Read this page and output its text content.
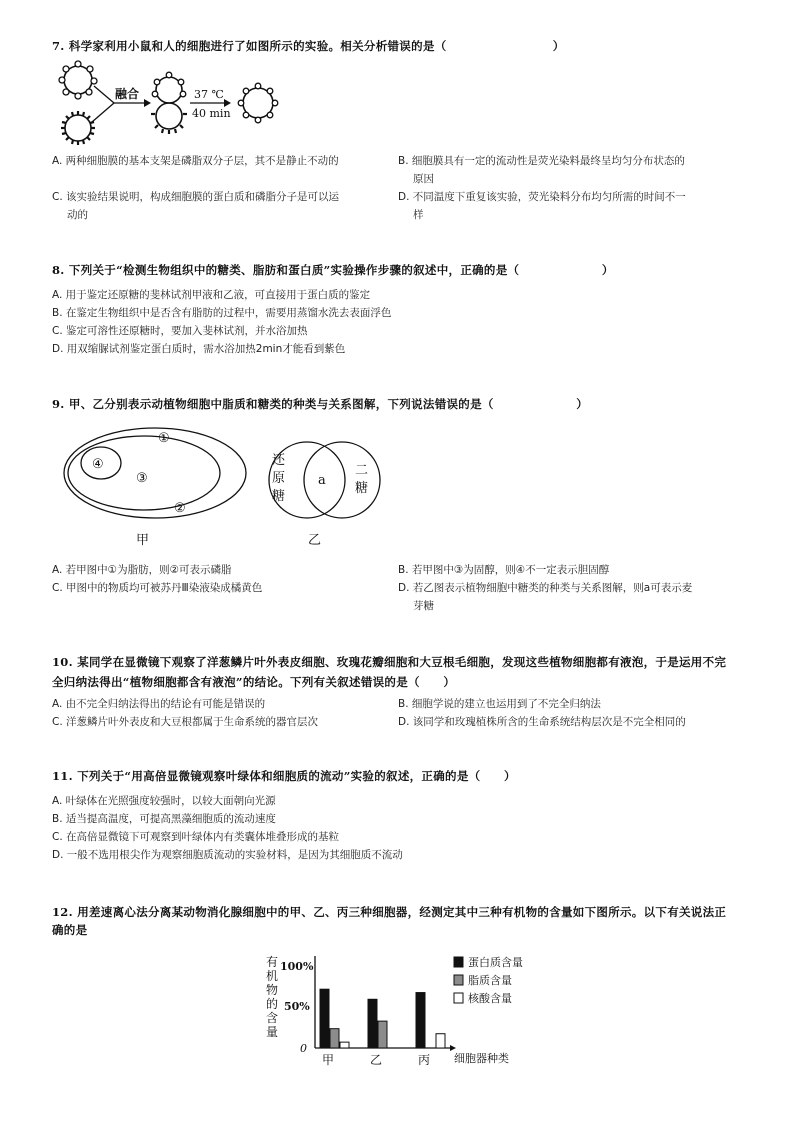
7. 科学家利用小鼠和人的细胞进行了如图所示的实验。相关分析错误的是（　　　　　　　　　）
融合	37 ℃
40 min
A. 两种细胞膜的基本支架是磷脂双分子层，其不是静止不动的	B. 细胞膜具有一定的流动性是荧光染料最终呈均匀分布状态的
原因
C. 该实验结果说明，构成细胞膜的蛋白质和磷脂分子是可以运
动的
D. 不同温度下重复该实验，荧光染料分布均匀所需的时间不一
样
8. 下列关于“检测生物组织中的糖类、脂肪和蛋白质”实验操作步骤的叙述中，正确的是（　　　　　　　）
A. 用于鉴定还原糖的斐林试剂甲液和乙液，可直接用于蛋白质的鉴定
B. 在鉴定生物组织中是否含有脂肪的过程中，需要用蒸馏水洗去表面浮色
C. 鉴定可溶性还原糖时，要加入斐林试剂，并水浴加热
D. 用双缩脲试剂鉴定蛋白质时，需水浴加热2min才能看到紫色
9. 甲、乙分别表示动植物细胞中脂质和糖类的种类与关系图解，下列说法错误的是（　　　　　　　）
①
④
③
②
甲
还
原
糖
a
二
糖
乙
A. 若甲图中①为脂肪，则②可表示磷脂	B. 若甲图中③为固醇，则④不一定表示胆固醇
C. 甲图中的物质均可被苏丹Ⅲ染液染成橘黄色	D. 若乙图表示植物细胞中糖类的种类与关系图解，则a可表示麦
芽糖
10. 某同学在显微镜下观察了洋葱鳞片叶外表皮细胞、玫瑰花瓣细胞和大豆根毛细胞，发现这些植物细胞都有液泡，于是运用不完
全归纳法得出“植物细胞都含有液泡”的结论。下列有关叙述错误的是（　　）
A. 由不完全归纳法得出的结论有可能是错误的	B. 细胞学说的建立也运用到了不完全归纳法
C. 洋葱鳞片叶外表皮和大豆根都属于生命系统的器官层次	D. 该同学和玫瑰植株所含的生命系统结构层次是不完全相同的
11. 下列关于“用高倍显微镜观察叶绿体和细胞质的流动”实验的叙述，正确的是（　　）
A. 叶绿体在光照强度较强时，以较大面朝向光源
B. 适当提高温度，可提高黑藻细胞质的流动速度
C. 在高倍显微镜下可观察到叶绿体内有类囊体堆叠形成的基粒
D. 一般不选用根尖作为观察细胞质流动的实验材料，是因为其细胞质不流动
12. 用差速离心法分离某动物消化腺细胞中的甲、乙、丙三种细胞器，经测定其中三种有机物的含量如下图所示。以下有关说法正
确的是
有
机
物
的
含
量
100%
50%
0
甲	乙	丙 细胞器种类
蛋白质含量
脂质含量
核酸含量
